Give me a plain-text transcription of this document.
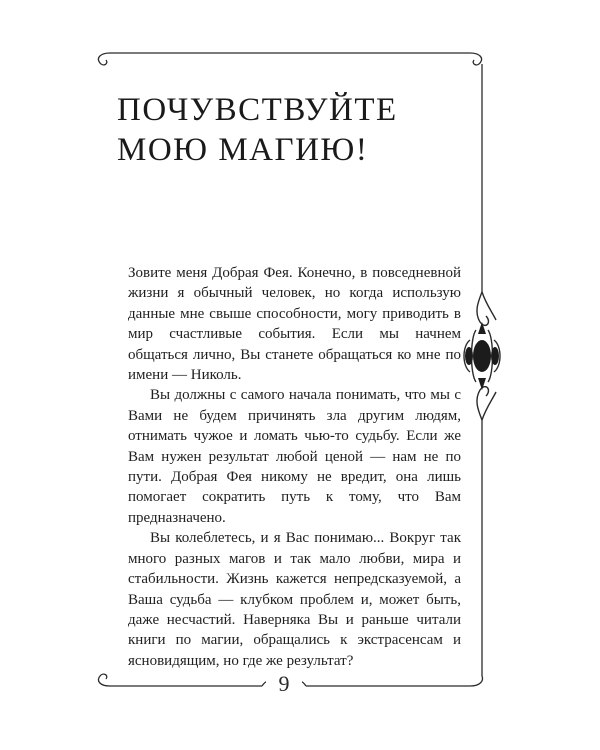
ПОЧУВСТВУЙТЕ
МОЮ МАГИЮ!

Зовите меня Добрая Фея. Конечно, в повседневной жизни я обычный человек, но когда использую данные мне свыше способности, могу приводить в мир счастливые события. Если мы начнем общаться лично, Вы станете обращаться ко мне по имени — Николь.

Вы должны с самого начала понимать, что мы с Вами не будем причинять зла другим людям, отнимать чужое и ломать чью-то судьбу. Если же Вам нужен результат любой ценой — нам не по пути. Добрая Фея никому не вредит, она лишь помогает сократить путь к тому, что Вам предназначено.

Вы колеблетесь, и я Вас понимаю... Вокруг так много разных магов и так мало любви, мира и стабильности. Жизнь кажется непредсказуемой, а Ваша судьба — клубком проблем и, может быть, даже несчастий. Наверняка Вы и раньше читали книги по магии, обращались к экстрасенсам и ясновидящим, но где же результат?

9
